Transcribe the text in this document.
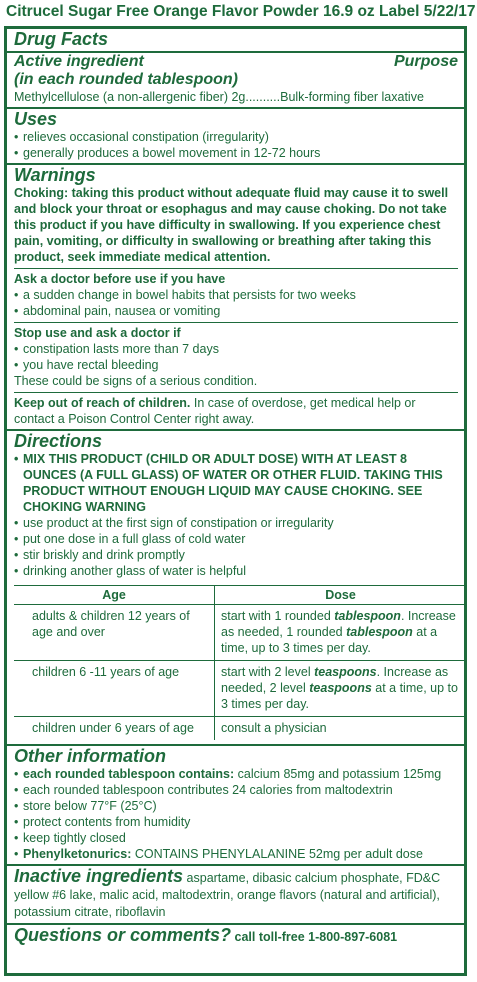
Citrucel Sugar Free Orange Flavor Powder 16.9 oz Label 5/22/17
Drug Facts
Active ingredient	Purpose
(in each rounded tablespoon)
Methylcellulose (a non-allergenic fiber) 2g..........Bulk-forming fiber laxative
Uses
• relieves occasional constipation (irregularity)
• generally produces a bowel movement in 12-72 hours
Warnings
Choking: taking this product without adequate fluid may cause it to swell and block your throat or esophagus and may cause choking. Do not take this product if you have difficulty in swallowing. If you experience chest pain, vomiting, or difficulty in swallowing or breathing after taking this product, seek immediate medical attention.
Ask a doctor before use if you have
• a sudden change in bowel habits that persists for two weeks
• abdominal pain, nausea or vomiting
Stop use and ask a doctor if
• constipation lasts more than 7 days
• you have rectal bleeding
These could be signs of a serious condition.
Keep out of reach of children. In case of overdose, get medical help or contact a Poison Control Center right away.
Directions
• MIX THIS PRODUCT (CHILD OR ADULT DOSE) WITH AT LEAST 8 OUNCES (A FULL GLASS) OF WATER OR OTHER FLUID. TAKING THIS PRODUCT WITHOUT ENOUGH LIQUID MAY CAUSE CHOKING. SEE CHOKING WARNING
• use product at the first sign of constipation or irregularity
• put one dose in a full glass of cold water
• stir briskly and drink promptly
• drinking another glass of water is helpful
Age	Dose
adults & children 12 years of age and over	start with 1 rounded tablespoon. Increase as needed, 1 rounded tablespoon at a time, up to 3 times per day.
children 6 -11 years of age	start with 2 level teaspoons. Increase as needed, 2 level teaspoons at a time, up to 3 times per day.
children under 6 years of age	consult a physician
Other information
• each rounded tablespoon contains: calcium 85mg and potassium 125mg
• each rounded tablespoon contributes 24 calories from maltodextrin
• store below 77°F (25°C)
• protect contents from humidity
• keep tightly closed
• Phenylketonurics: CONTAINS PHENYLALANINE 52mg per adult dose
Inactive ingredients aspartame, dibasic calcium phosphate, FD&C yellow #6 lake, malic acid, maltodextrin, orange flavors (natural and artificial), potassium citrate, riboflavin
Questions or comments? call toll-free 1-800-897-6081
